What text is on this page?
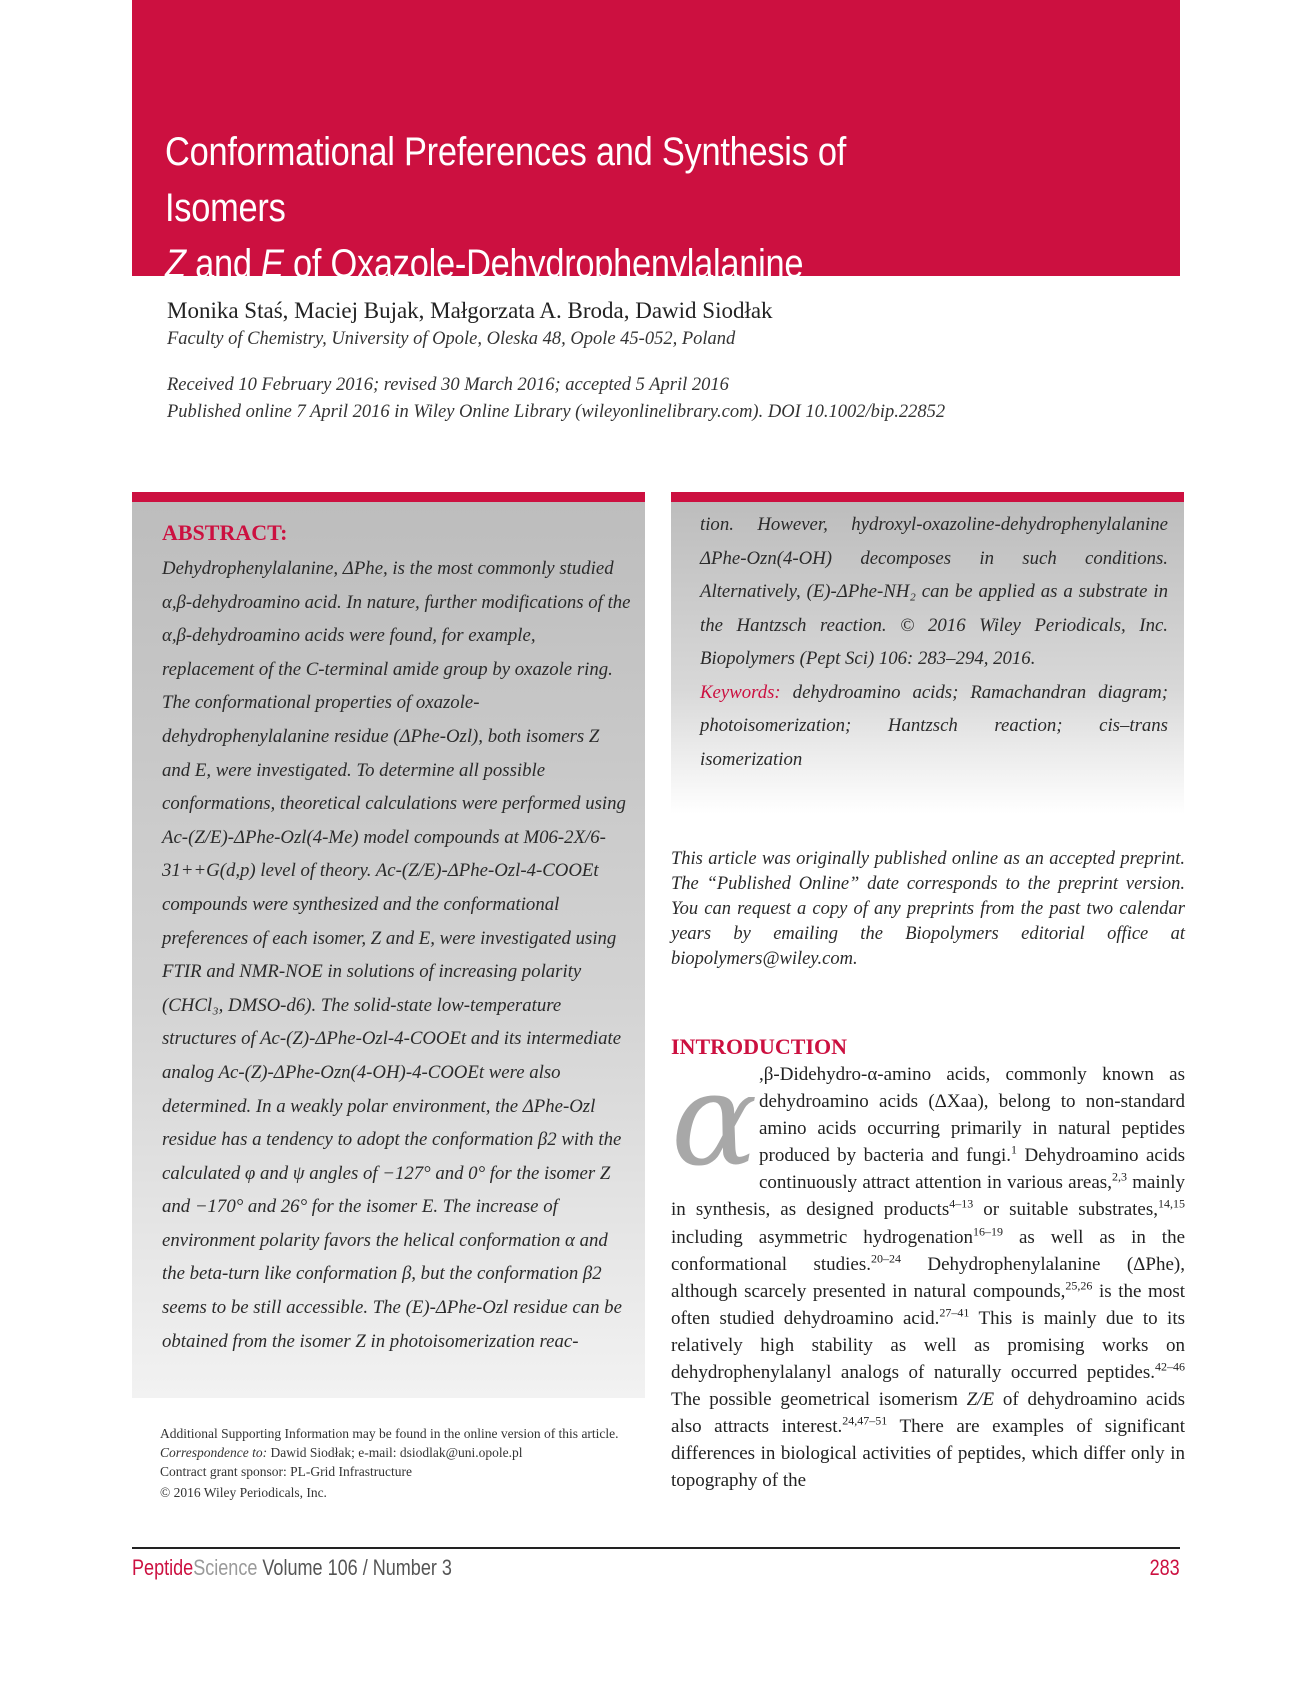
Conformational Preferences and Synthesis of Isomers
Z and E of Oxazole-Dehydrophenylalanine
Monika Staś, Maciej Bujak, Małgorzata A. Broda, Dawid Siodłak
Faculty of Chemistry, University of Opole, Oleska 48, Opole 45-052, Poland
Received 10 February 2016; revised 30 March 2016; accepted 5 April 2016
Published online 7 April 2016 in Wiley Online Library (wileyonlinelibrary.com). DOI 10.1002/bip.22852
ABSTRACT:
Dehydrophenylalanine, ΔPhe, is the most commonly studied α,β-dehydroamino acid. In nature, further modifications of the α,β-dehydroamino acids were found, for example, replacement of the C-terminal amide group by oxazole ring. The conformational properties of oxazole-dehydrophenylalanine residue (ΔPhe-Ozl), both isomers Z and E, were investigated. To determine all possible conformations, theoretical calculations were performed using Ac-(Z/E)-ΔPhe-Ozl(4-Me) model compounds at M06-2X/6-31++G(d,p) level of theory. Ac-(Z/E)-ΔPhe-Ozl-4-COOEt compounds were synthesized and the conformational preferences of each isomer, Z and E, were investigated using FTIR and NMR-NOE in solutions of increasing polarity (CHCl₃, DMSO-d6). The solid-state low-temperature structures of Ac-(Z)-ΔPhe-Ozl-4-COOEt and its intermediate analog Ac-(Z)-ΔPhe-Ozn(4-OH)-4-COOEt were also determined. In a weakly polar environment, the ΔPhe-Ozl residue has a tendency to adopt the conformation β2 with the calculated φ and ψ angles of −127° and 0° for the isomer Z and −170° and 26° for the isomer E. The increase of environment polarity favors the helical conformation α and the beta-turn like conformation β, but the conformation β2 seems to be still accessible. The (E)-ΔPhe-Ozl residue can be obtained from the isomer Z in photoisomerization reac-
tion. However, hydroxyl-oxazoline-dehydrophenylalanine ΔPhe-Ozn(4-OH) decomposes in such conditions. Alternatively, (E)-ΔPhe-NH₂ can be applied as a substrate in the Hantzsch reaction. © 2016 Wiley Periodicals, Inc. Biopolymers (Pept Sci) 106: 283–294, 2016.
Keywords: dehydroamino acids; Ramachandran diagram; photoisomerization; Hantzsch reaction; cis–trans isomerization
This article was originally published online as an accepted preprint. The “Published Online” date corresponds to the preprint version. You can request a copy of any preprints from the past two calendar years by emailing the Biopolymers editorial office at biopolymers@wiley.com.
INTRODUCTION
α ,β-Didehydro-α-amino acids, commonly known as dehydroamino acids (ΔXaa), belong to non-standard amino acids occurring primarily in natural peptides produced by bacteria and fungi.$^1$ Dehydroamino acids continuously attract attention in various areas,$^{2,3}$ mainly in synthesis, as designed products$^{4-13}$ or suitable substrates,$^{14,15}$ including asymmetric hydrogenation$^{16-19}$ as well as in the conformational studies.$^{20-24}$ Dehydrophenylalanine (ΔPhe), although scarcely presented in natural compounds,$^{25,26}$ is the most often studied dehydroamino acid.$^{27-41}$ This is mainly due to its relatively high stability as well as promising works on dehydrophenylalanyl analogs of naturally occurred peptides.$^{42-46}$ The possible geometrical isomerism Z/E of dehydroamino acids also attracts interest.$^{24,47-51}$ There are examples of significant differences in biological activities of peptides, which differ only in topography of the
Additional Supporting Information may be found in the online version of this article.
Correspondence to: Dawid Siodłak; e-mail: dsiodlak@uni.opole.pl
Contract grant sponsor: PL-Grid Infrastructure
© 2016 Wiley Periodicals, Inc.
PeptideScience Volume 106 / Number 3	283
